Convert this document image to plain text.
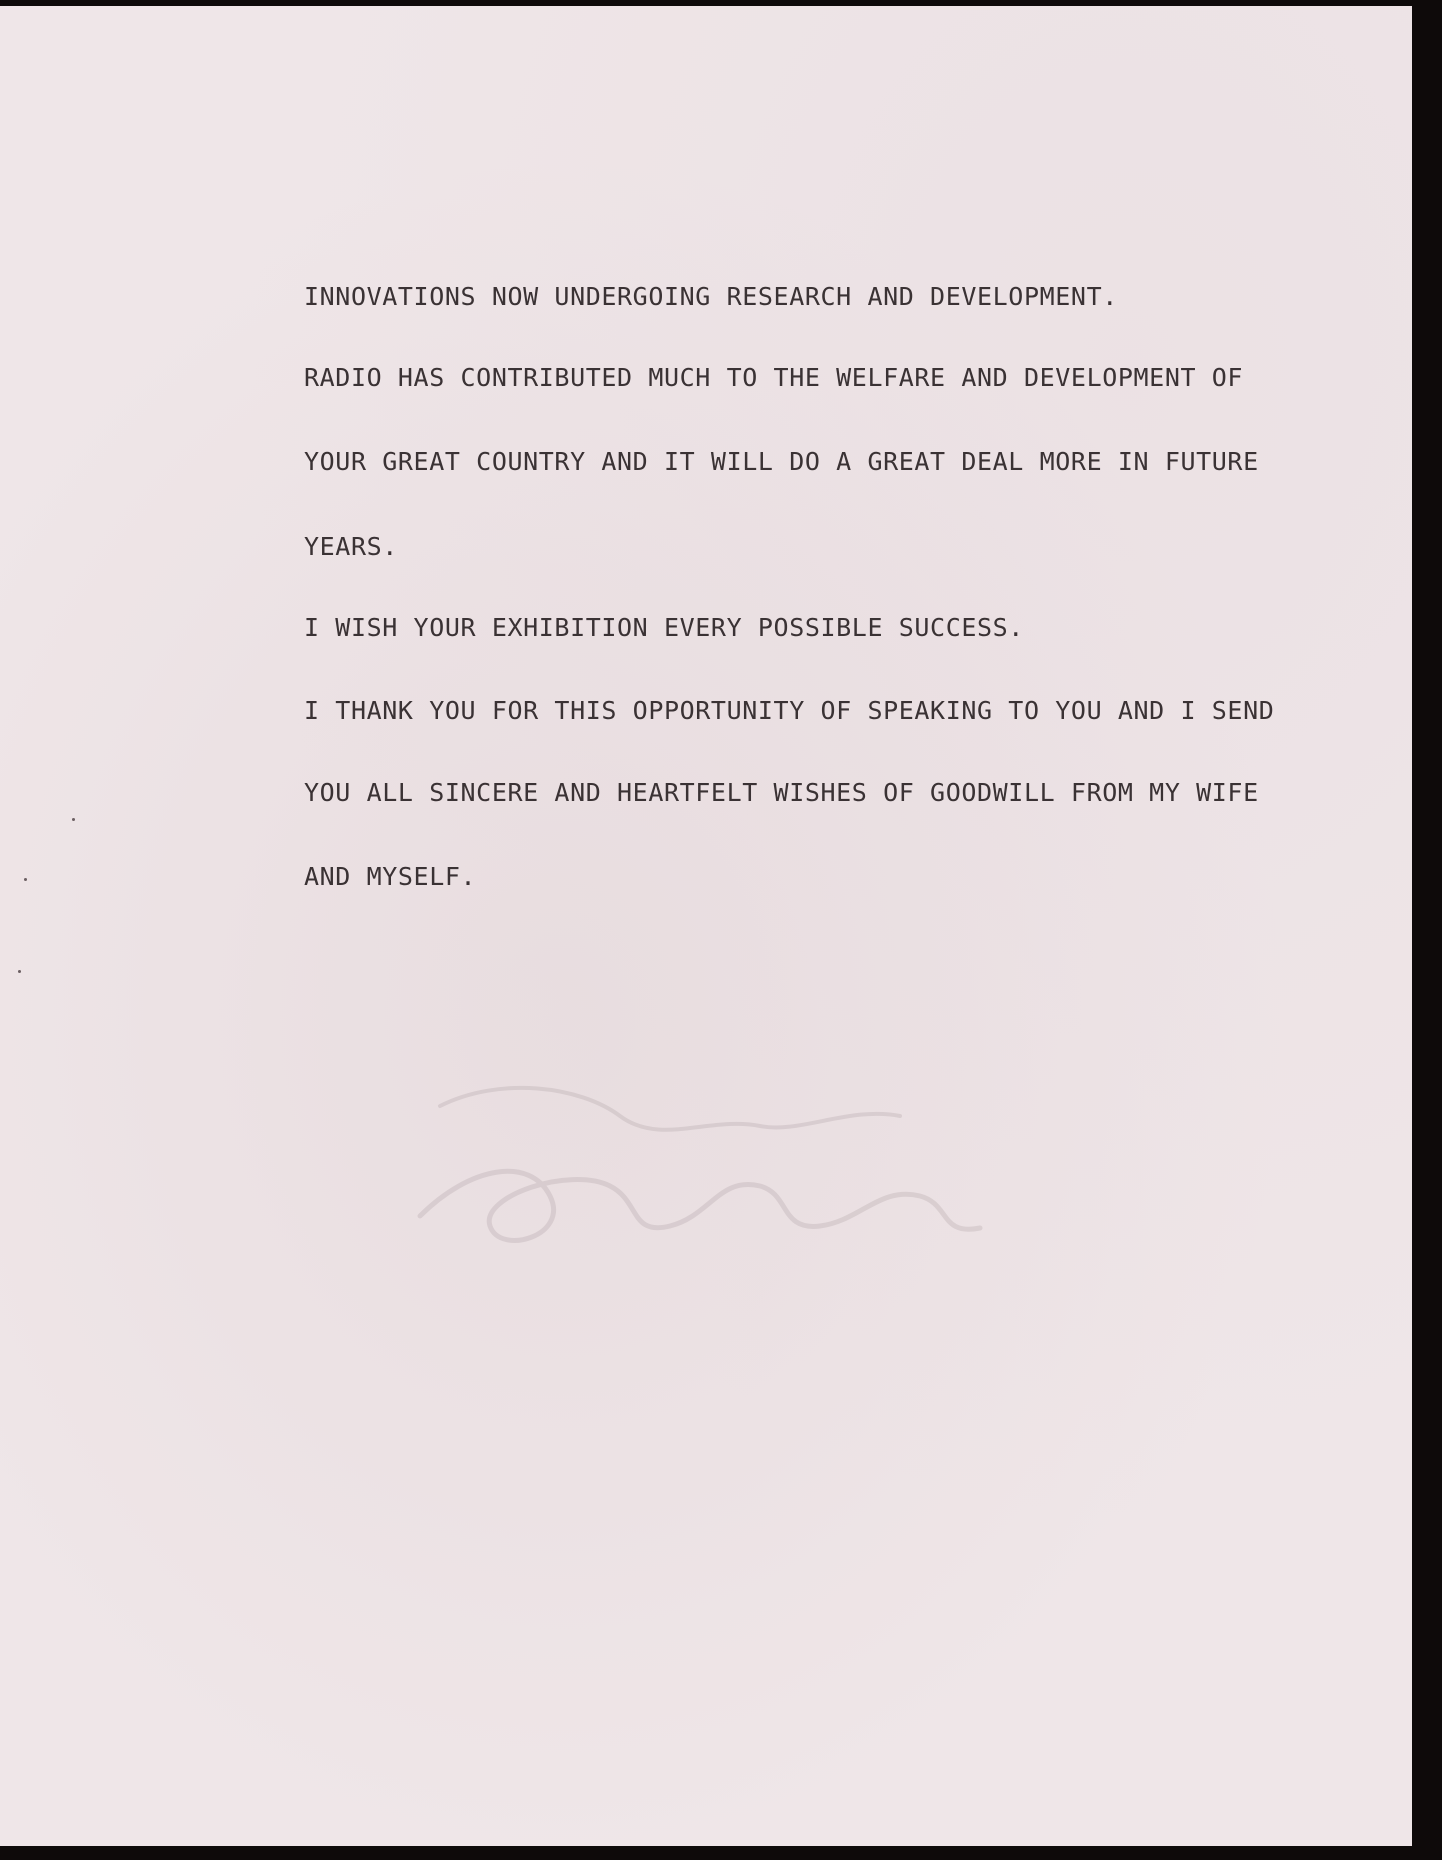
INNOVATIONS NOW UNDERGOING RESEARCH AND DEVELOPMENT.

RADIO HAS CONTRIBUTED MUCH TO THE WELFARE AND DEVELOPMENT OF

YOUR GREAT COUNTRY AND IT WILL DO A GREAT DEAL MORE IN FUTURE

YEARS.

I WISH YOUR EXHIBITION EVERY POSSIBLE SUCCESS.

I THANK YOU FOR THIS OPPORTUNITY OF SPEAKING TO YOU AND I SEND

YOU ALL SINCERE AND HEARTFELT WISHES OF GOODWILL FROM MY WIFE

AND MYSELF.
